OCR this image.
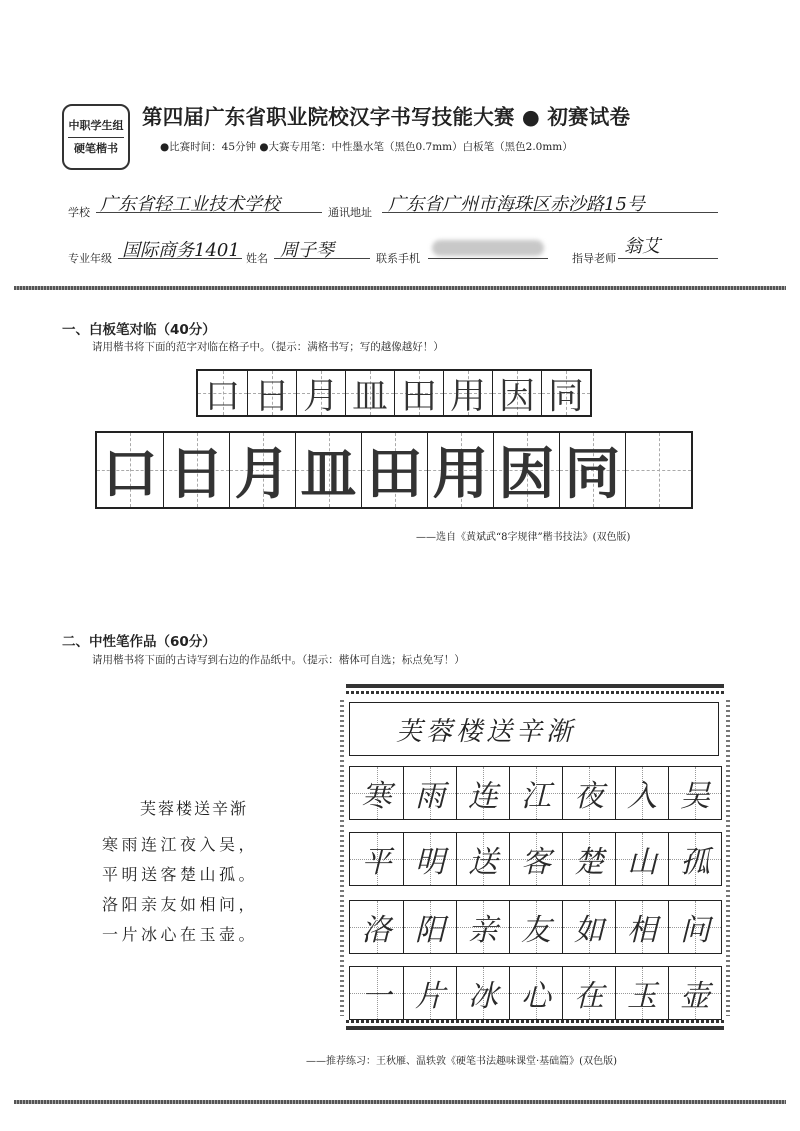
中职学生组
硬笔楷书
第四届广东省职业院校汉字书写技能大赛 ● 初赛试卷
●比赛时间：45分钟 ●大赛专用笔：中性墨水笔（黑色0.7mm）白板笔（黑色2.0mm）
学校 广东省轻工业技术学校	通讯地址 广东省广州市海珠区赤沙路15号
专业年级 国际商务1401 姓名 周子琴	联系手机	指导老师
翁艾
一、白板笔对临（40分）
请用楷书将下面的范字对临在格子中。（提示：满格书写；写的越像越好！）
口 日 月 皿 田 用 因 同
口 日 月 皿 田 用 因 同
——选自《黄斌武“8字规律”楷书技法》(双色版)
二、中性笔作品（60分）
请用楷书将下面的古诗写到右边的作品纸中。（提示：楷体可自选；标点免写！）
芙蓉楼送辛渐
寒雨连江夜入吴，
平明送客楚山孤。
洛阳亲友如相问，
一片冰心在玉壶。
芙蓉楼送辛渐
寒 雨 连 江 夜 入 吴
平 明 送 客 楚 山 孤
洛 阳 亲 友 如 相 问
一 片 冰 心 在 玉 壶
——推荐练习：王秋雁、温轶敦《硬笔书法趣味课堂·基础篇》(双色版)
